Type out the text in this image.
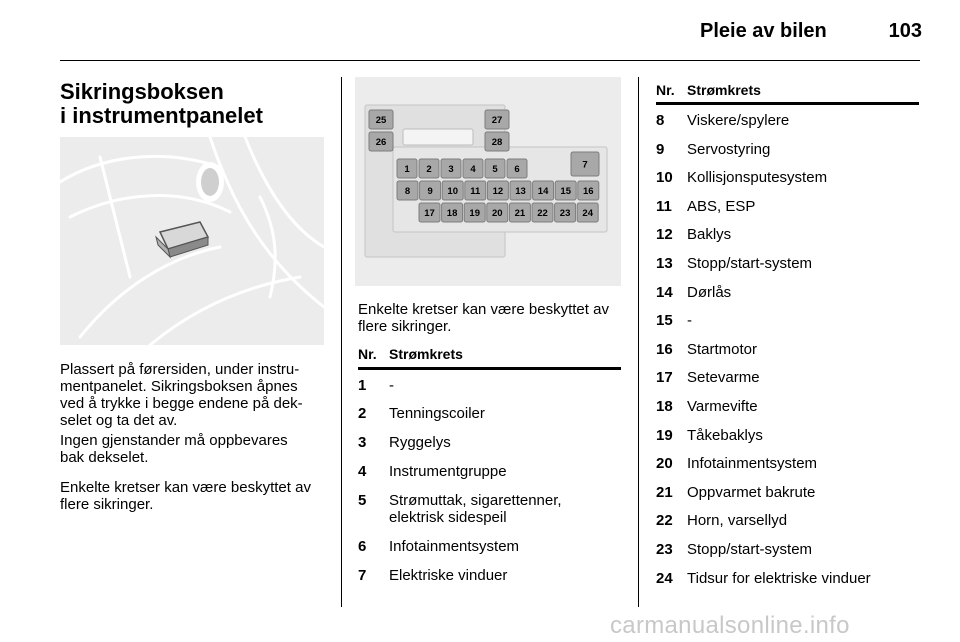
Pleie av bilen	103
Sikringsboksen
i instrumentpanelet

Plassert på førersiden, under instru-
mentpanelet. Sikringsboksen åpnes
ved å trykke i begge endene på dek-
selet og ta det av.

Ingen gjenstander må oppbevares
bak dekselet.

Enkelte kretser kan være beskyttet av
flere sikringer.

25
26
27
28
1 2 3 4 5 6	7
8 9 10 11 12 13 14 15 16
17 18 19 20 21 22 23 24

Enkelte kretser kan være beskyttet av
flere sikringer.

Nr. Strømkrets
1 -
2 Tenningscoiler
3 Ryggelys
4 Instrumentgruppe
5 Strømuttak, sigarettenner,
elektrisk sidespeil
6 Infotainmentsystem
7 Elektriske vinduer
Nr. Strømkrets
8 Viskere/spylere
9 Servostyring
10 Kollisjonsputesystem
11 ABS, ESP
12 Baklys
13 Stopp/start-system
14 Dørlås
15 -
16 Startmotor
17 Setevarme
18 Varmevifte
19 Tåkebaklys
20 Infotainmentsystem
21 Oppvarmet bakrute
22 Horn, varsellyd
23 Stopp/start-system
24 Tidsur for elektriske vinduer
carmanualsonline.info
